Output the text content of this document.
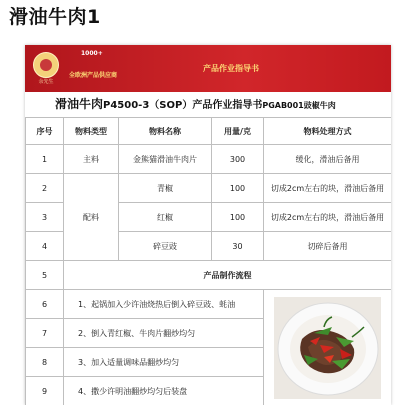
滑油牛肉1
余先生
1000+
全欧洲产品供应商
产品作业指导书
滑油牛肉P4500-3（SOP）产品作业指导书PGAB001豉椒牛肉
序号	物料类型	物料名称	用量/克	物料处理方式
1	主料	金熊猫滑油牛肉片	300	缓化，滑油后备用
2	配料	青椒	100	切成2cm左右的块，滑油后备用
3		红椒	100	切成2cm左右的块，滑油后备用
4		碎豆豉	30	切碎后备用
5	产品制作流程			
6	1、起锅加入少许油烧热后倒入碎豆豉、蚝油	

7	2、倒入青红椒、牛肉片翻炒均匀			
8	3、加入适量调味品翻炒均匀			
9	4、撒少许明油翻炒均匀后装盘			
